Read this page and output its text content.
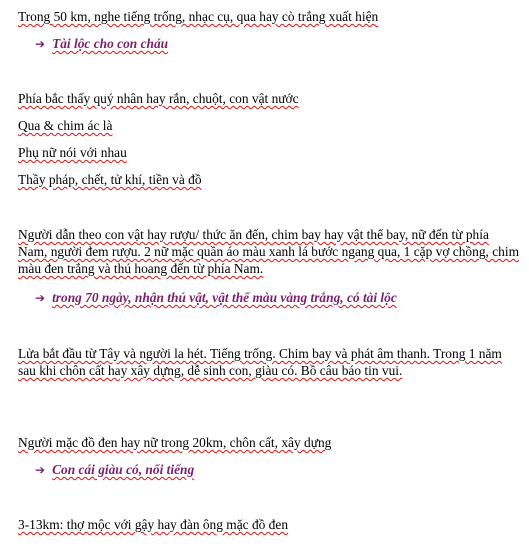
Trong 50 km, nghe tiếng trống, nhạc cụ, qua hay cò trắng xuất hiện
➔ Tài lộc cho con cháu
Phía bắc thấy quý nhân hay rắn, chuột, con vật nước
Qua & chim ác là
Phụ nữ nói với nhau
Thầy pháp, chết, tử khí, tiền và đồ
Người dẫn theo con vật hay rượu/ thức ăn đến, chim bay hay vật thể bay, nữ đến từ phía Nam, người đem rượu. 2 nữ mặc quần áo màu xanh lá bước ngang qua, 1 cặp vợ chồng, chim màu đen trắng và thú hoang đến từ phía Nam.
➔ trong 70 ngày, nhận thú vật, vật thể màu vàng trắng, có tài lộc
Lửa bắt đầu từ Tây và người la hét. Tiếng trống. Chim bay và phát âm thanh. Trong 1 năm sau khi chôn cất hay xây dựng, dễ sinh con, giàu có. Bồ câu báo tin vui.
Người mặc đồ đen hay nữ trong 20km, chôn cất, xây dựng
➔ Con cái giàu có, nổi tiếng
3-13km: thợ mộc với gậy hay đàn ông mặc đồ đen
